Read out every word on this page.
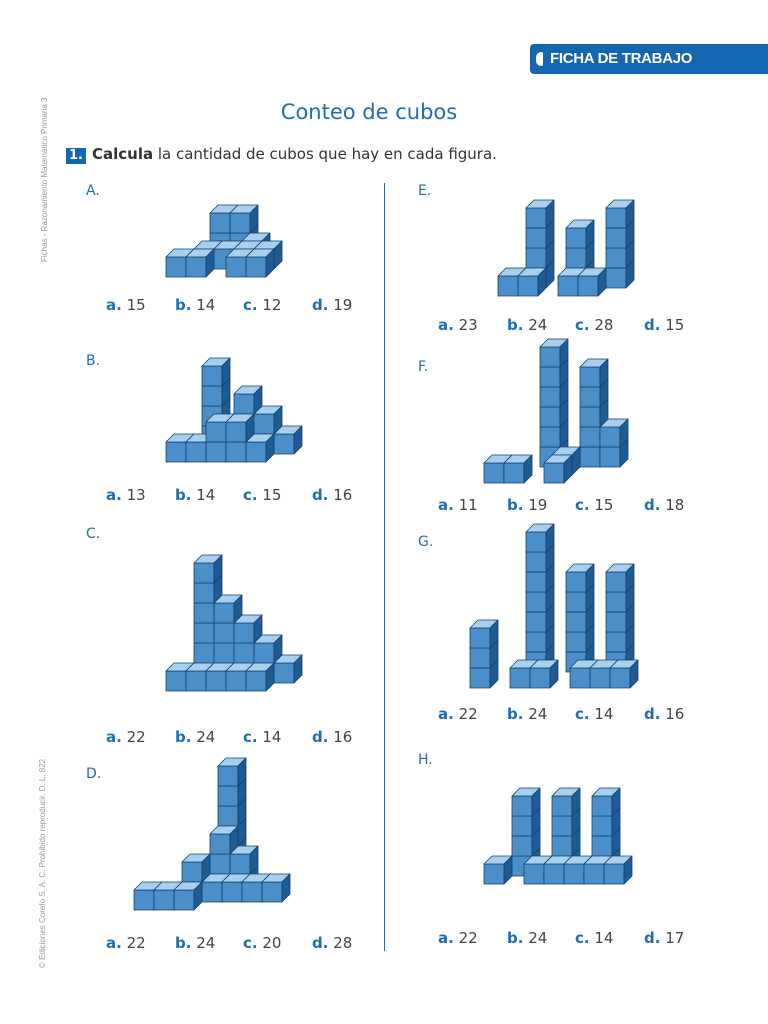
FICHA DE TRABAJO
Fichas - Razonamiento Matemático Primaria 3
© Ediciones Corefo S. A. C. Prohibido reproducir. D. L. 822
Conteo de cubos
1. Calcula la cantidad de cubos que hay en cada figura.
A.
a. 15 b. 14 c. 12 d. 19
B.
a. 13 b. 14 c. 15 d. 16
C.
a. 22 b. 24 c. 14 d. 16
D.
a. 22 b. 24 c. 20 d. 28
E.
a. 23 b. 24 c. 28 d. 15
F.
a. 11 b. 19 c. 15 d. 18
G.
a. 22 b. 24 c. 14 d. 16
H.
a. 22 b. 24 c. 14 d. 17
